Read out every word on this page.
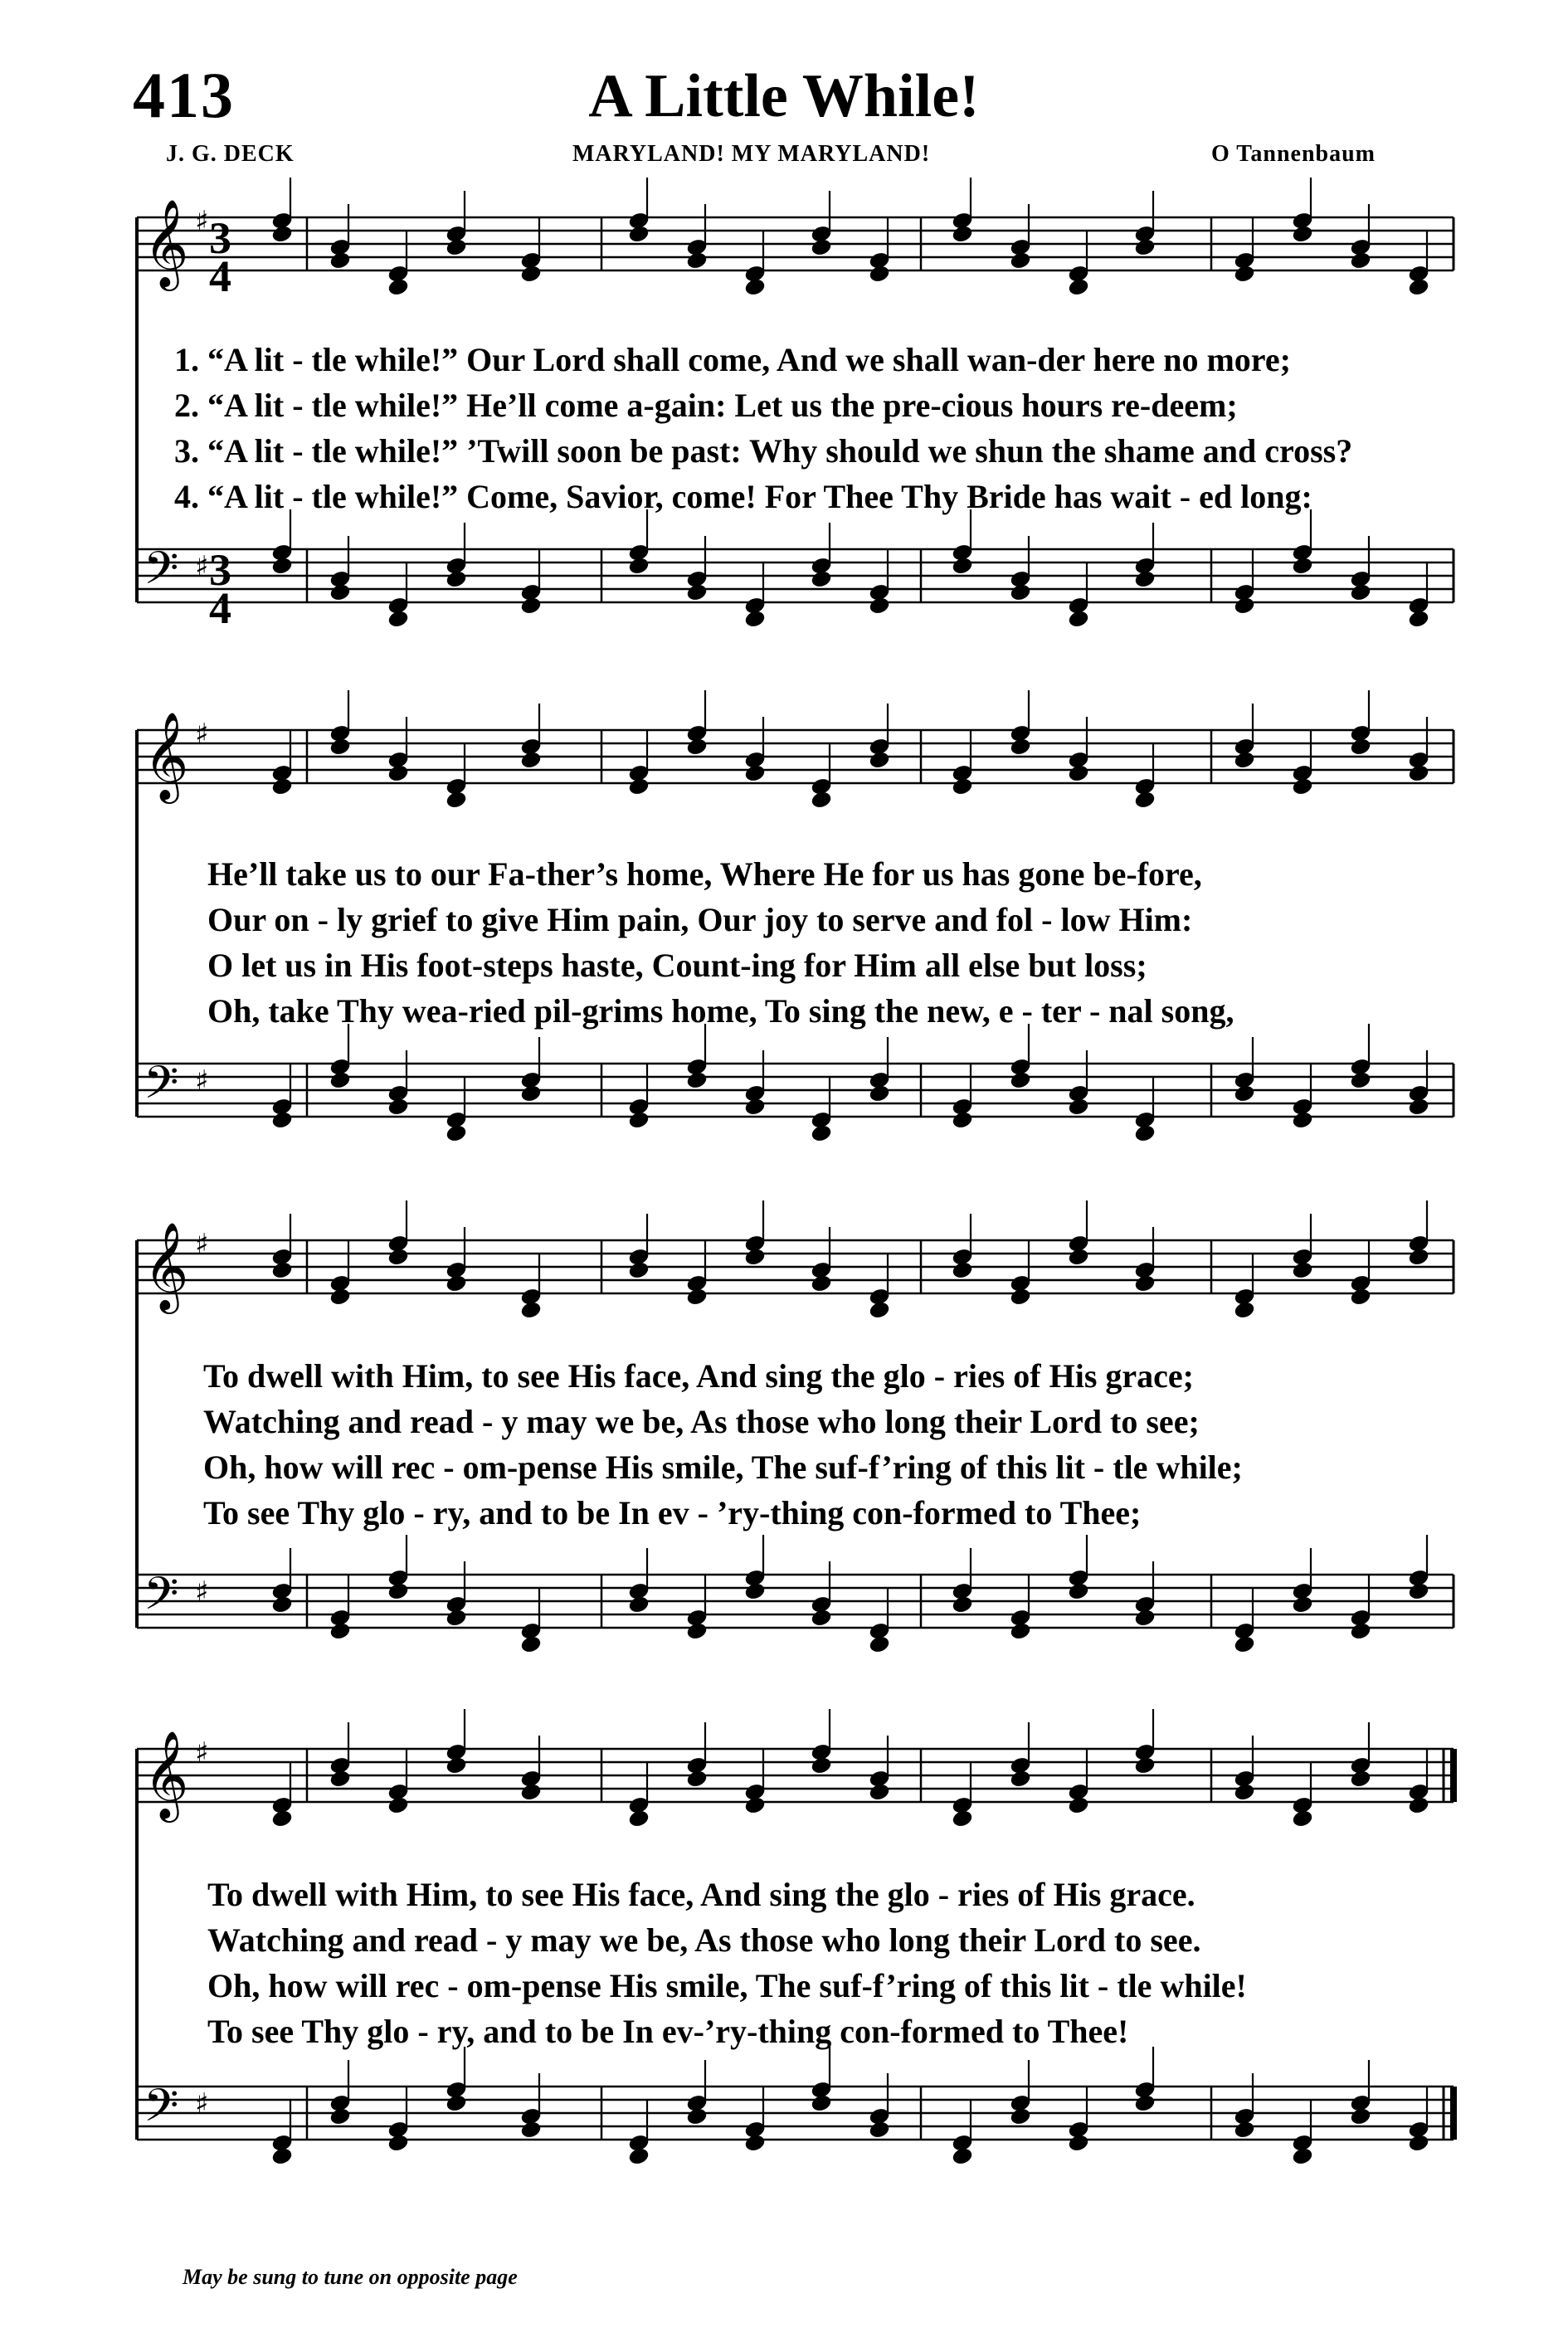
413	A Little While!
J. G. DECK	MARYLAND! MY MARYLAND!	O Tannenbaum
𝄞 ♯
𝄢 ♯
𝄞 ♯
𝄢 ♯
𝄞 ♯
𝄢 ♯
𝄞 ♯
𝄢 ♯
3
4
3
4
1. “A lit - tle while!” Our Lord shall come, And we shall wan-der here no more;
2. “A lit - tle while!” He’ll come a-gain: Let us the pre-cious hours re-deem;
3. “A lit - tle while!” ’Twill soon be past: Why should we shun the shame and cross?
4. “A lit - tle while!” Come, Savior, come! For Thee Thy Bride has wait - ed long:
He’ll take us to our Fa-ther’s home, Where He for us has gone be-fore,
Our on - ly grief to give Him pain, Our joy to serve and fol - low Him:
O let us in His foot-steps haste, Count-ing for Him all else but loss;
Oh, take Thy wea-ried pil-grims home, To sing the new, e - ter - nal song,
To dwell with Him, to see His face, And sing the glo - ries of His grace;
Watching and read - y may we be, As those who long their Lord to see;
Oh, how will rec - om-pense His smile, The suf-f’ring of this lit - tle while;
To see Thy glo - ry, and to be In ev - ’ry-thing con-formed to Thee;
To dwell with Him, to see His face, And sing the glo - ries of His grace.
Watching and read - y may we be, As those who long their Lord to see.
Oh, how will rec - om-pense His smile, The suf-f’ring of this lit - tle while!
To see Thy glo - ry, and to be In ev-’ry-thing con-formed to Thee!
May be sung to tune on opposite page
